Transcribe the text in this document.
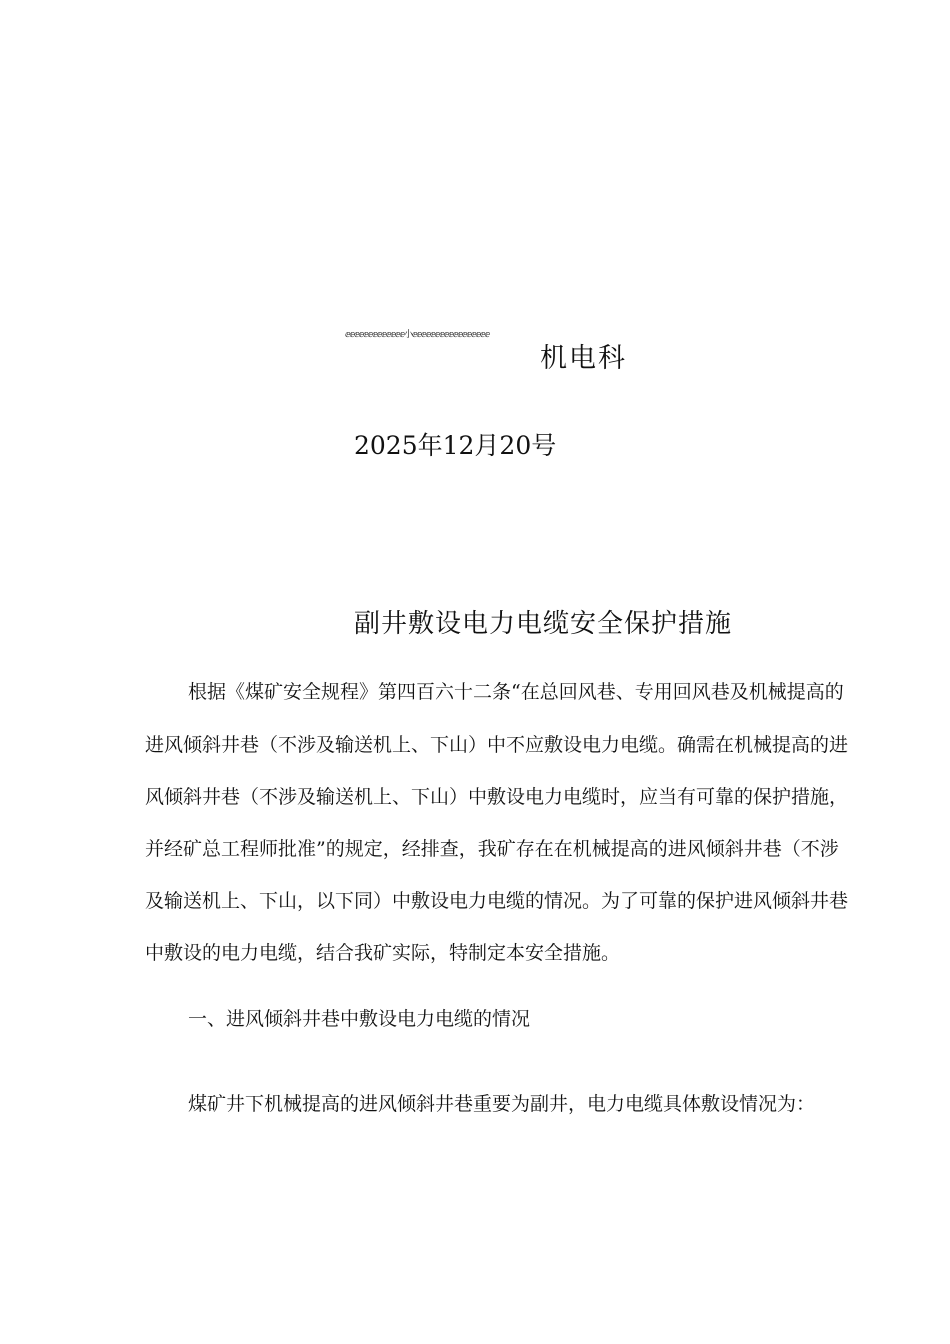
ⅇⅇⅇⅇⅇⅇⅇⅇⅇⅇⅇⅇⅇ小ⅇⅇⅇⅇⅇⅇⅇⅇⅇⅇⅇⅇⅇⅇⅇⅇⅇ
机电科
2025年12月20号
副井敷设电力电缆安全保护措施
根据《煤矿安全规程》第四百六十二条“在总回风巷、专用回风巷及机械提高的
进风倾斜井巷（不涉及输送机上、下山）中不应敷设电力电缆。确需在机械提高的进
风倾斜井巷（不涉及输送机上、下山）中敷设电力电缆时，应当有可靠的保护措施，
并经矿总工程师批准”的规定，经排查，我矿存在在机械提高的进风倾斜井巷（不涉
及输送机上、下山，以下同）中敷设电力电缆的情况。为了可靠的保护进风倾斜井巷
中敷设的电力电缆，结合我矿实际，特制定本安全措施。
一、进风倾斜井巷中敷设电力电缆的情况
煤矿井下机械提高的进风倾斜井巷重要为副井，电力电缆具体敷设情况为：
